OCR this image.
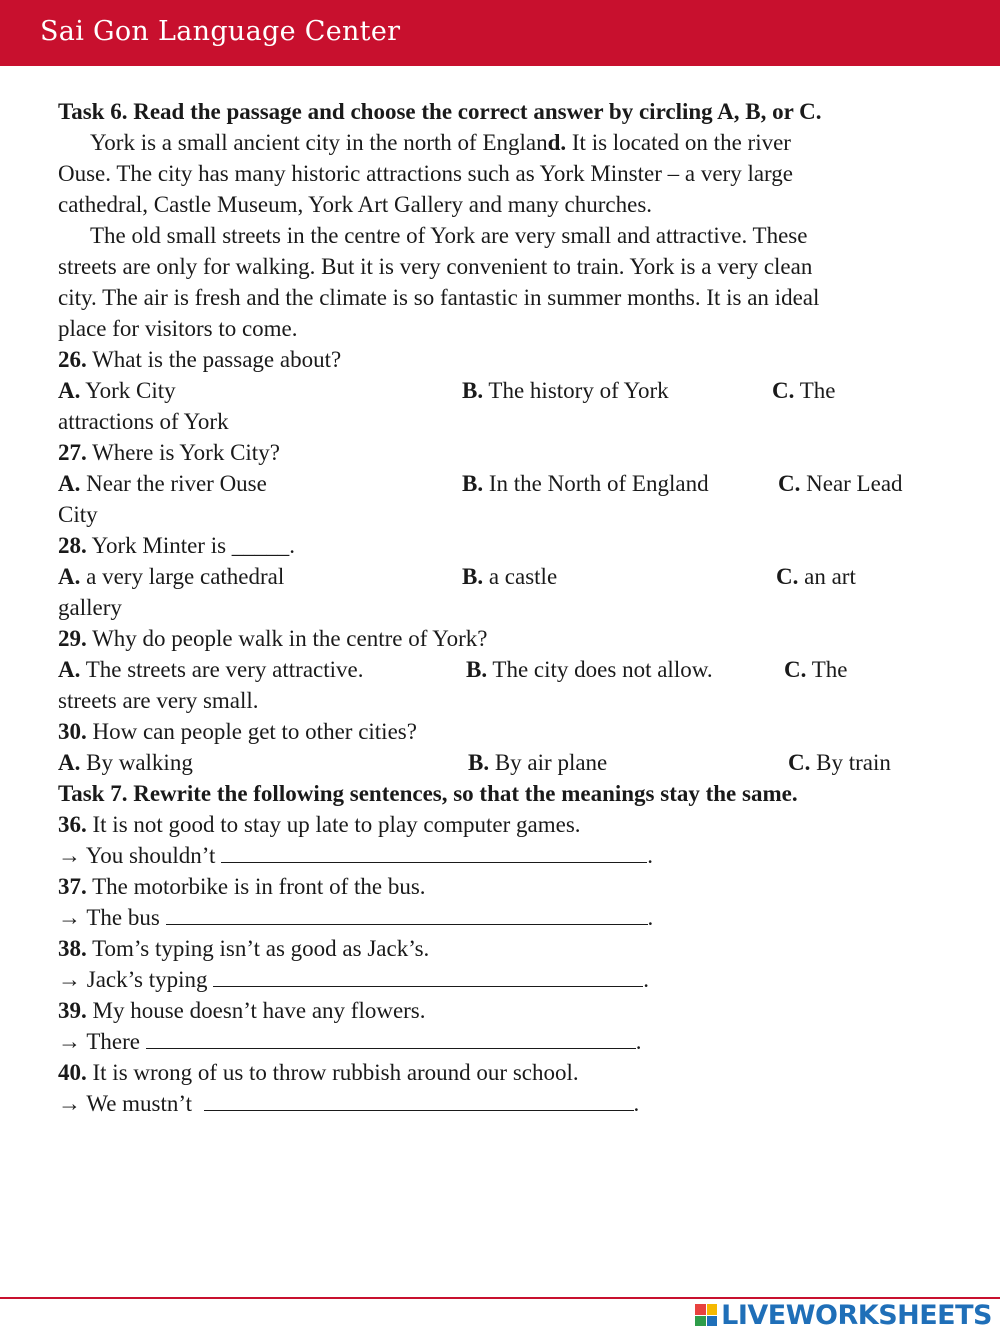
Sai Gon Language Center
Task 6. Read the passage and choose the correct answer by circling A, B, or C.
York is a small ancient city in the north of England. It is located on the river
Ouse. The city has many historic attractions such as York Minster – a very large
cathedral, Castle Museum, York Art Gallery and many churches.
The old small streets in the centre of York are very small and attractive. These
streets are only for walking. But it is very convenient to train. York is a very clean
city. The air is fresh and the climate is so fantastic in summer months. It is an ideal
place for visitors to come.
26. What is the passage about?
A. York City	B. The history of York	C. The
attractions of York
27. Where is York City?
A. Near the river Ouse	B. In the North of England	C. Near Lead
City
28. York Minter is _____.
A. a very large cathedral	B. a castle	C. an art
gallery
29. Why do people walk in the centre of York?
A. The streets are very attractive.	B. The city does not allow.	C. The
streets are very small.
30. How can people get to other cities?
A. By walking	B. By air plane	C. By train
Task 7. Rewrite the following sentences, so that the meanings stay the same.
36. It is not good to stay up late to play computer games.
→ You shouldn’t	.
37. The motorbike is in front of the bus.
→ The bus	.
38. Tom’s typing isn’t as good as Jack’s.
→ Jack’s typing	.
39. My house doesn’t have any flowers.
→ There	.
40. It is wrong of us to throw rubbish around our school.
→ We mustn’t	.
LIVEWORKSHEETS
